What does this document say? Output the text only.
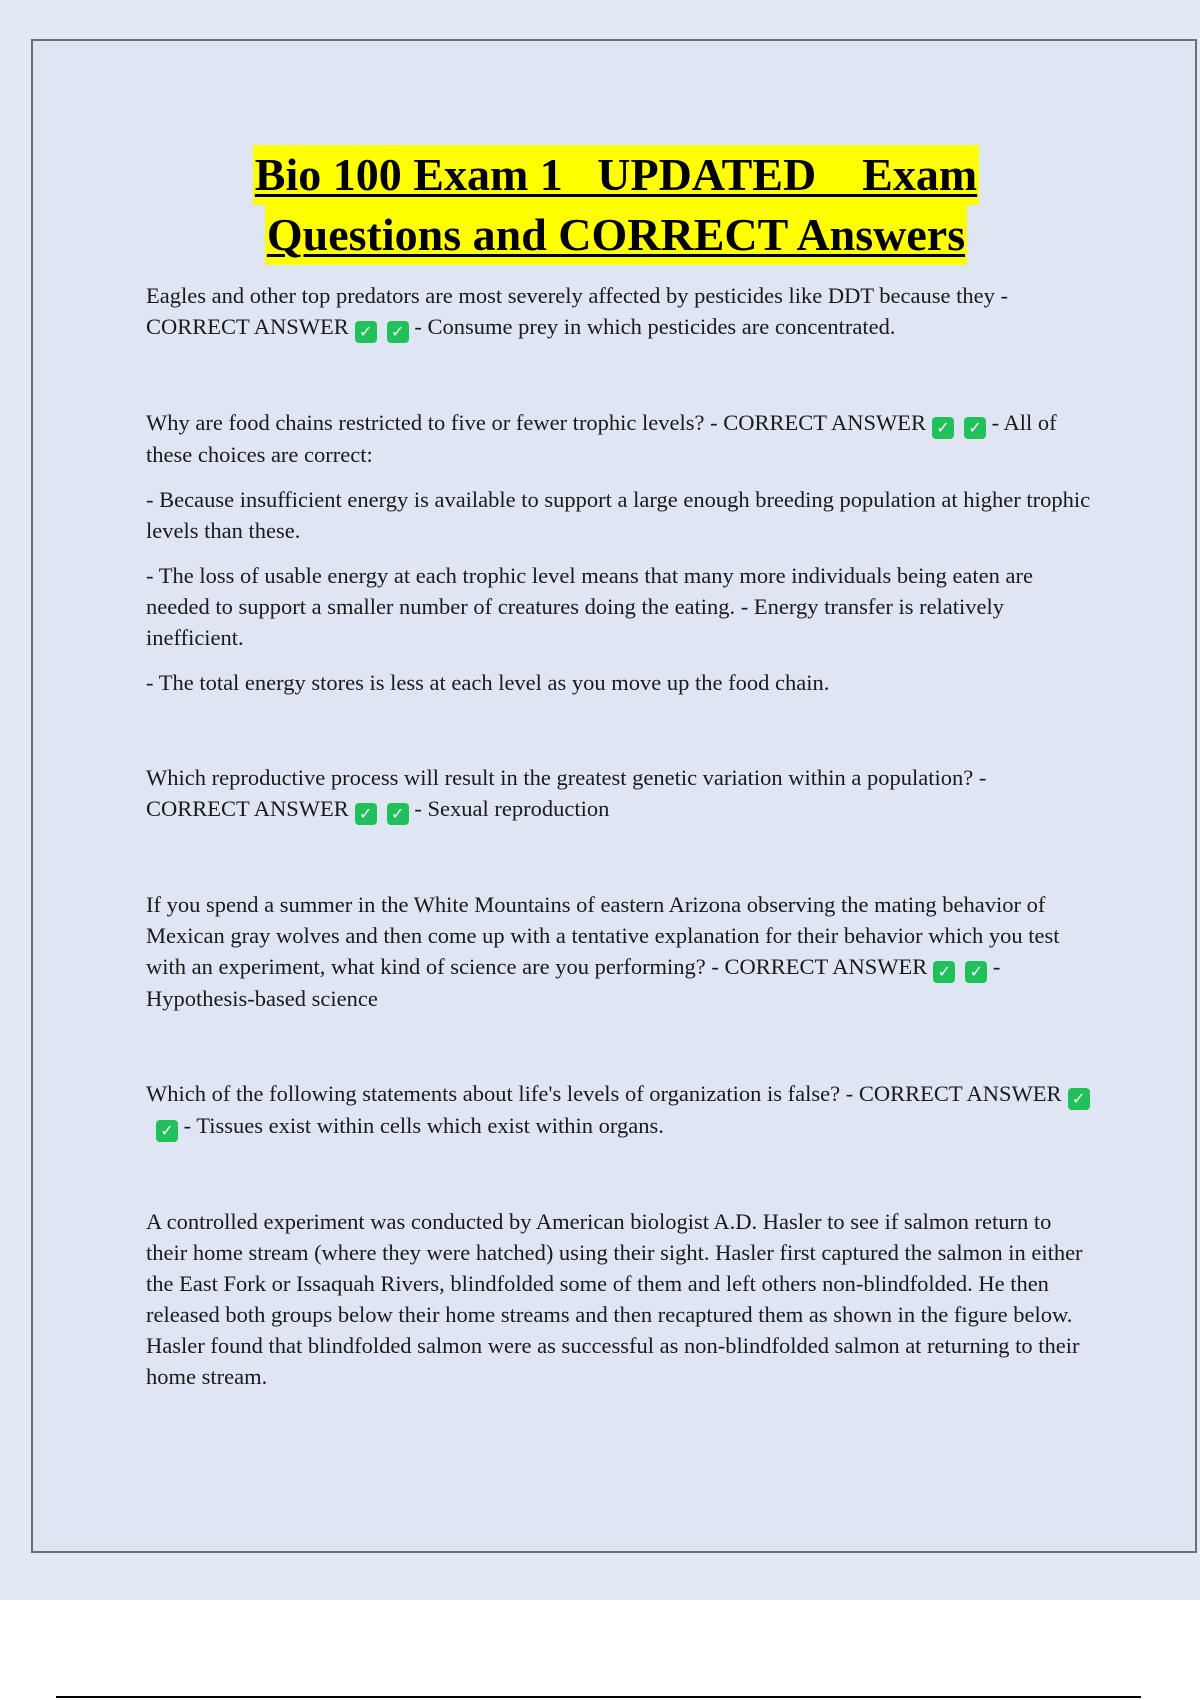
Bio 100 Exam 1   UPDATED    Exam
Questions and CORRECT Answers

Eagles and other top predators are most severely affected by pesticides like DDT because they - CORRECT ANSWER ✓ ✓ - Consume prey in which pesticides are concentrated.

Why are food chains restricted to five or fewer trophic levels? - CORRECT ANSWER ✓ ✓ - All of these choices are correct:

- Because insufficient energy is available to support a large enough breeding population at higher trophic levels than these.

- The loss of usable energy at each trophic level means that many more individuals being eaten are needed to support a smaller number of creatures doing the eating. - Energy transfer is relatively inefficient.

- The total energy stores is less at each level as you move up the food chain.

Which reproductive process will result in the greatest genetic variation within a population? - CORRECT ANSWER ✓ ✓ - Sexual reproduction

If you spend a summer in the White Mountains of eastern Arizona observing the mating behavior of Mexican gray wolves and then come up with a tentative explanation for their behavior which you test with an experiment, what kind of science are you performing? - CORRECT ANSWER ✓ ✓ - Hypothesis-based science

Which of the following statements about life's levels of organization is false? - CORRECT ANSWER ✓✓ - Tissues exist within cells which exist within organs.

A controlled experiment was conducted by American biologist A.D. Hasler to see if salmon return to their home stream (where they were hatched) using their sight. Hasler first captured the salmon in either the East Fork or Issaquah Rivers, blindfolded some of them and left others non-blindfolded. He then released both groups below their home streams and then recaptured them as shown in the figure below. Hasler found that blindfolded salmon were as successful as non-blindfolded salmon at returning to their home stream.
